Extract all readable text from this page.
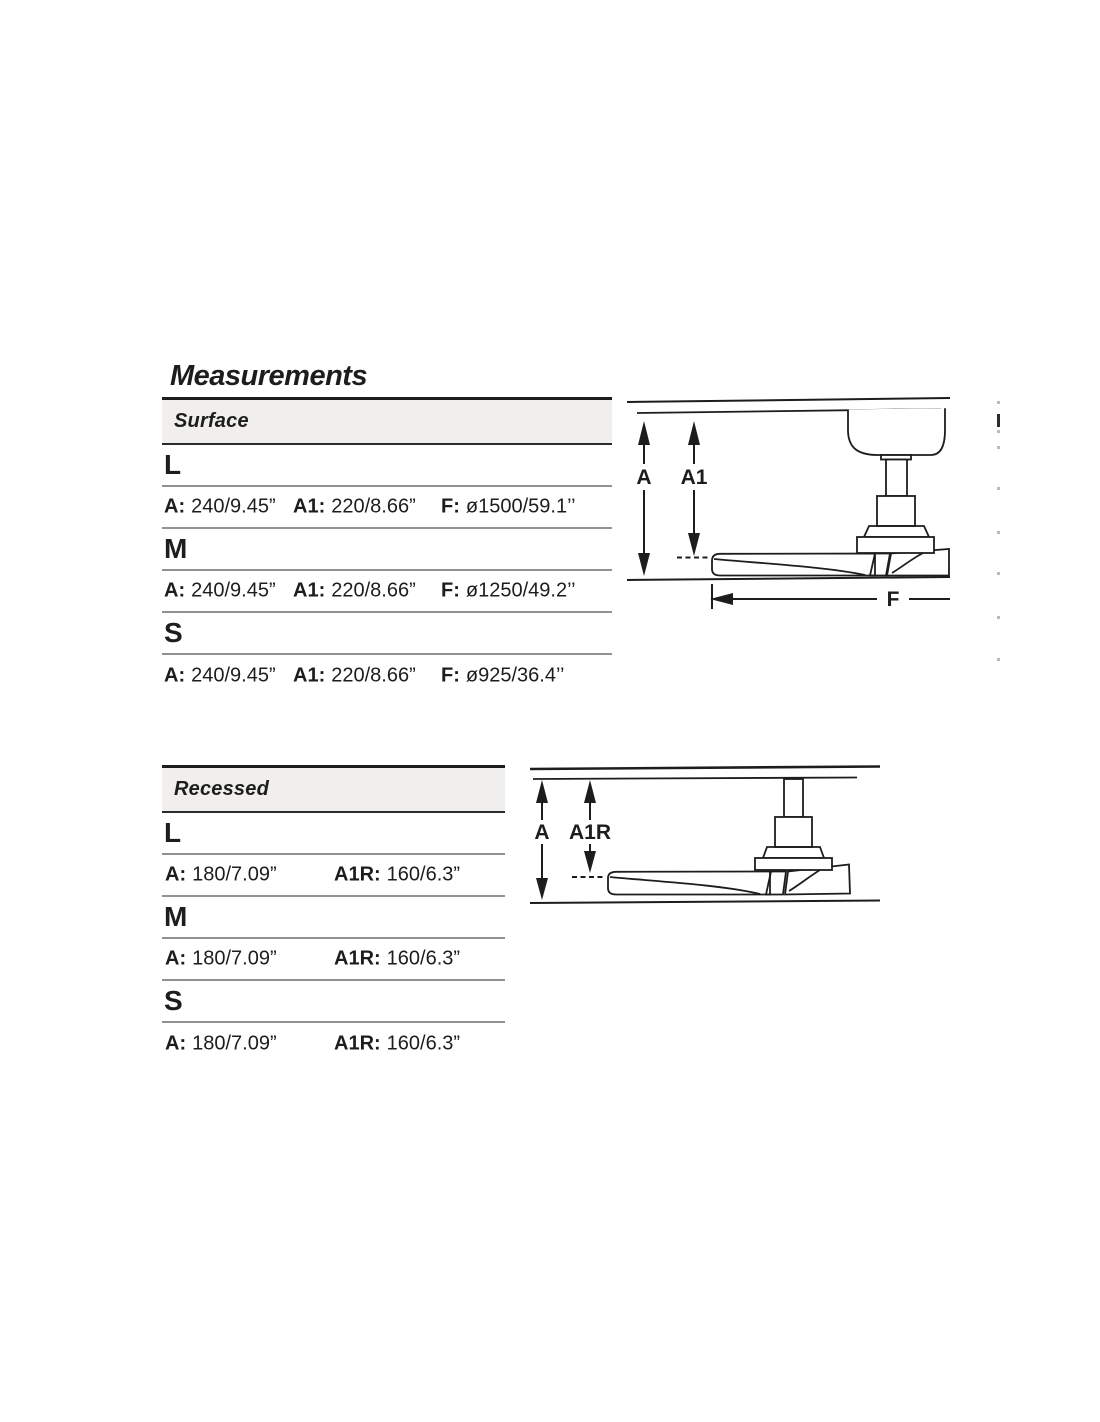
Measurements
Surface
L
A: 240/9.45” A1: 220/8.66” F: ø1500/59.1’’
M
A: 240/9.45” A1: 220/8.66” F: ø1250/49.2’’
S
A: 240/9.45” A1: 220/8.66” F: ø925/36.4’’
A A1
F
Recessed
L
A: 180/7.09”	A1R: 160/6.3”
M
A: 180/7.09”	A1R: 160/6.3”
S
A: 180/7.09”	A1R: 160/6.3”
A A1R
